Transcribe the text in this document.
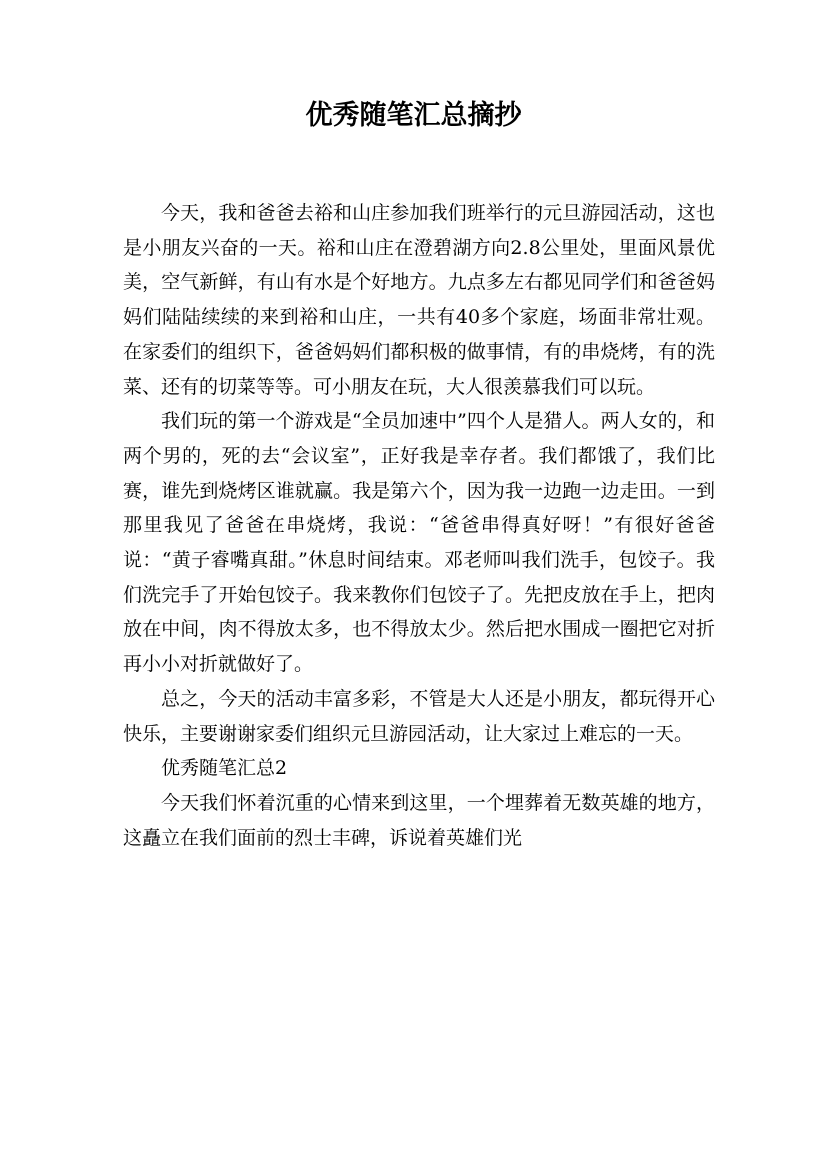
优秀随笔汇总摘抄

今天，我和爸爸去裕和山庄参加我们班举行的元旦游园活动，这也是小朋友兴奋的一天。裕和山庄在澄碧湖方向2.8公里处，里面风景优美，空气新鲜，有山有水是个好地方。九点多左右都见同学们和爸爸妈妈们陆陆续续的来到裕和山庄，一共有40多个家庭，场面非常壮观。在家委们的组织下，爸爸妈妈们都积极的做事情，有的串烧烤，有的洗菜、还有的切菜等等。可小朋友在玩，大人很羡慕我们可以玩。

我们玩的第一个游戏是“全员加速中”四个人是猎人。两人女的，和两个男的，死的去“会议室”，正好我是幸存者。我们都饿了，我们比赛，谁先到烧烤区谁就赢。我是第六个，因为我一边跑一边走田。一到那里我见了爸爸在串烧烤，我说：“爸爸串得真好呀！”有很好爸爸说：“黄子睿嘴真甜。”休息时间结束。邓老师叫我们洗手，包饺子。我们洗完手了开始包饺子。我来教你们包饺子了。先把皮放在手上，把肉放在中间，肉不得放太多，也不得放太少。然后把水围成一圈把它对折再小小对折就做好了。

总之，今天的活动丰富多彩，不管是大人还是小朋友，都玩得开心快乐，主要谢谢家委们组织元旦游园活动，让大家过上难忘的一天。

优秀随笔汇总2

今天我们怀着沉重的心情来到这里，一个埋葬着无数英雄的地方，这矗立在我们面前的烈士丰碑，诉说着英雄们光
